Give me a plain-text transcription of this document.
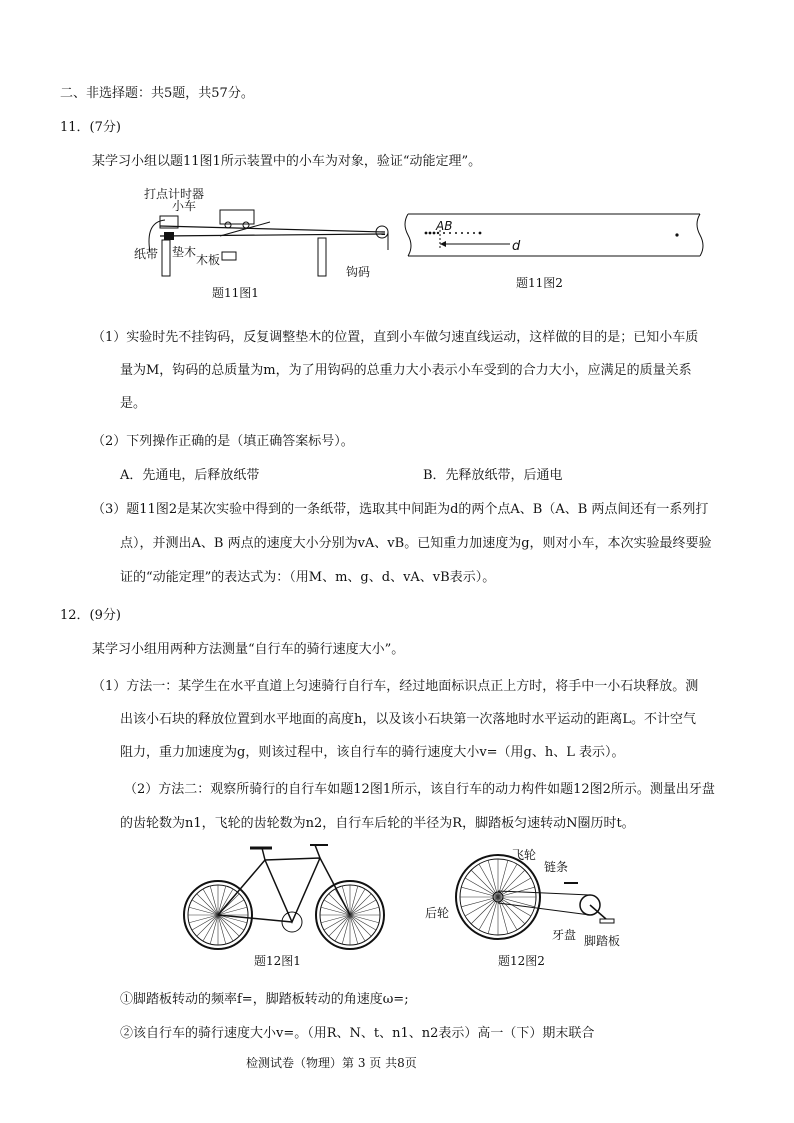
二、非选择题：共5题，共57分。
11．(7分)
某学习小组以题11图1所示装置中的小车为对象，验证“动能定理”。
打点计时器
小车
纸带 垫木
木板
钩码
题11图1
AB
d
题11图2
（1）实验时先不挂钩码，反复调整垫木的位置，直到小车做匀速直线运动，这样做的目的是；已知小车质
量为M，钩码的总质量为m，为了用钩码的总重力大小表示小车受到的合力大小，应满足的质量关系
是。
（2）下列操作正确的是（填正确答案标号）。
A．先通电，后释放纸带	B．先释放纸带，后通电
（3）题11图2是某次实验中得到的一条纸带，选取其中间距为d的两个点A、B（A、B 两点间还有一系列打
点），并测出A、B 两点的速度大小分别为vA、vB。已知重力加速度为g，则对小车，本次实验最终要验
证的“动能定理”的表达式为：（用M、m、g、d、vA、vB表示）。
12．(9分)
某学习小组用两种方法测量“自行车的骑行速度大小”。
（1）方法一：某学生在水平直道上匀速骑行自行车，经过地面标识点正上方时，将手中一小石块释放。测
出该小石块的释放位置到水平地面的高度h，以及该小石块第一次落地时水平运动的距离L。不计空气
阻力，重力加速度为g，则该过程中，该自行车的骑行速度大小v=（用g、h、L 表示）。
（2）方法二：观察所骑行的自行车如题12图1所示，该自行车的动力构件如题12图2所示。测量出牙盘
的齿轮数为n1，飞轮的齿轮数为n2，自行车后轮的半径为R，脚踏板匀速转动N圈历时t。
题12图1
飞轮
链条
后轮
牙盘 脚踏板
题12图2
①脚踏板转动的频率f=，脚踏板转动的角速度ω=;
②该自行车的骑行速度大小v=。（用R、N、t、n1、n2表示）高一（下）期末联合
检测试卷（物理）第 3 页 共8页
